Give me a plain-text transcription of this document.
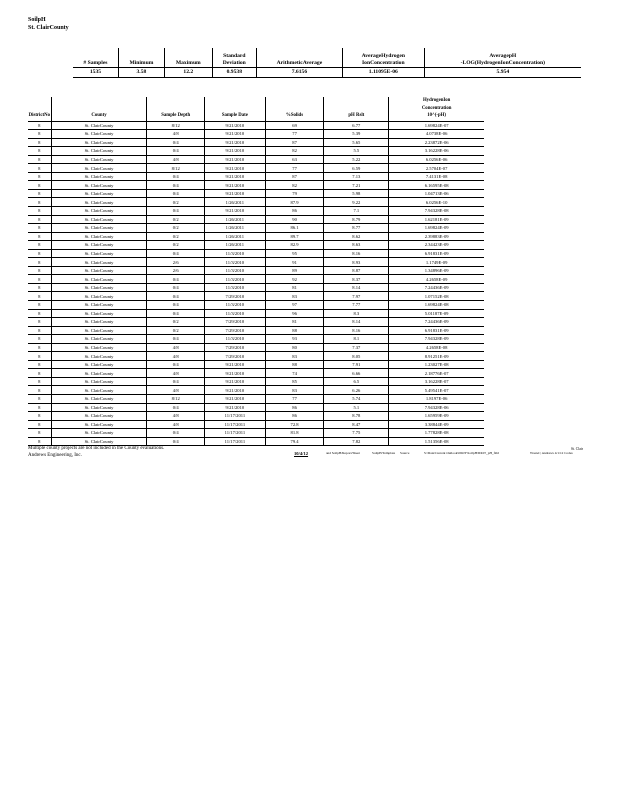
SoilpH
St. ClairCounty
# Samples	Minimum	Maximum	Standard
Deviation	ArithmeticAverage	AverageHydrogen
IonConcentration	AveragepH
-LOG(HydrogenIonConcentration)
1535	3.58	12.2	0.9538	7.6156	1.11095E-06	5.954
DistrictNo	County	Sample Depth	Sample Date	%Solids	pH Rslt	HydrogenIon
Concentration
10^(-pH)
8	St. ClairCounty	8/12	9/21/2010	69	6.77	1.69824E-07
8	St. ClairCounty	4/8	9/21/2010	77	5.39	4.0738E-06
8	St. ClairCounty	0/4	9/21/2010	87	5.65	2.23872E-06
8	St. ClairCounty	0/4	9/21/2010	82	5.5	3.16228E-06
8	St. ClairCounty	4/8	9/21/2010	63	5.22	6.0256E-06
8	St. ClairCounty	8/12	9/21/2010	77	6.59	2.5704E-07
8	St. ClairCounty	0/4	9/21/2010	87	7.13	7.4131E-08
8	St. ClairCounty	0/4	9/21/2010	82	7.21	6.16595E-08
8	St. ClairCounty	0/4	9/21/2010	79	5.98	1.04713E-06
8	St. ClairCounty	0/2	1/26/2011	87.9	9.22	6.0256E-10
8	St. ClairCounty	0/4	9/21/2010	86	7.1	7.94328E-08
8	St. ClairCounty	0/2	1/26/2011	90	8.79	1.62181E-09
8	St. ClairCounty	0/2	1/26/2011	86.1	8.77	1.69824E-09
8	St. ClairCounty	0/2	1/26/2011	89.7	8.62	2.39883E-09
8	St. ClairCounty	0/2	1/26/2011	82.9	8.63	2.34423E-09
8	St. ClairCounty	0/4	11/3/2010	95	8.16	6.91831E-09
8	St. ClairCounty	2/6	11/3/2010	91	8.93	1.1749E-09
8	St. ClairCounty	2/6	11/3/2010	89	8.87	1.34896E-09
8	St. ClairCounty	0/4	11/3/2010	92	8.37	4.2658E-09
8	St. ClairCounty	0/4	11/3/2010	81	8.14	7.24436E-09
8	St. ClairCounty	0/4	7/29/2010	83	7.97	1.07152E-08
8	St. ClairCounty	0/4	11/3/2010	97	7.77	1.69824E-08
8	St. ClairCounty	0/4	11/3/2010	96	8.3	5.01187E-09
8	St. ClairCounty	0/2	7/29/2010	81	8.14	7.24436E-09
8	St. ClairCounty	0/2	7/29/2010	88	8.16	6.91831E-09
8	St. ClairCounty	0/4	11/3/2010	93	8.1	7.94328E-09
8	St. ClairCounty	4/8	7/29/2010	80	7.37	4.2658E-08
8	St. ClairCounty	4/8	7/29/2010	83	8.05	8.91251E-09
8	St. ClairCounty	0/4	9/21/2010	88	7.91	1.23027E-08
8	St. ClairCounty	4/8	9/21/2010	74	6.66	2.18776E-07
8	St. ClairCounty	0/4	9/21/2010	85	6.5	3.16228E-07
8	St. ClairCounty	4/8	9/21/2010	83	6.26	5.49541E-07
8	St. ClairCounty	8/12	9/21/2010	77	5.74	1.8197E-06
8	St. ClairCounty	0/4	9/21/2010	86	5.1	7.94328E-06
8	St. ClairCounty	4/8	11/17/2011	86	8.78	1.65959E-09
8	St. ClairCounty	4/8	11/17/2011	72.8	8.47	3.38844E-09
8	St. ClairCounty	0/4	11/17/2011	81.8	7.75	1.77828E-08
8	St. ClairCounty	0/4	11/17/2011	79.4	7.82	1.51356E-08
Multiple county projects are not included in the County evaluations.
Andrews Engineering, Inc.
St. Clair
10/4/12	and SoilpH/Report/Sheet	SoilpH/Template Source	S:\Data\Current Outlook\IDOT\SoilpH\IDOT_pH_fld2	Wsatel | Andrews 4/1/12 Codes
